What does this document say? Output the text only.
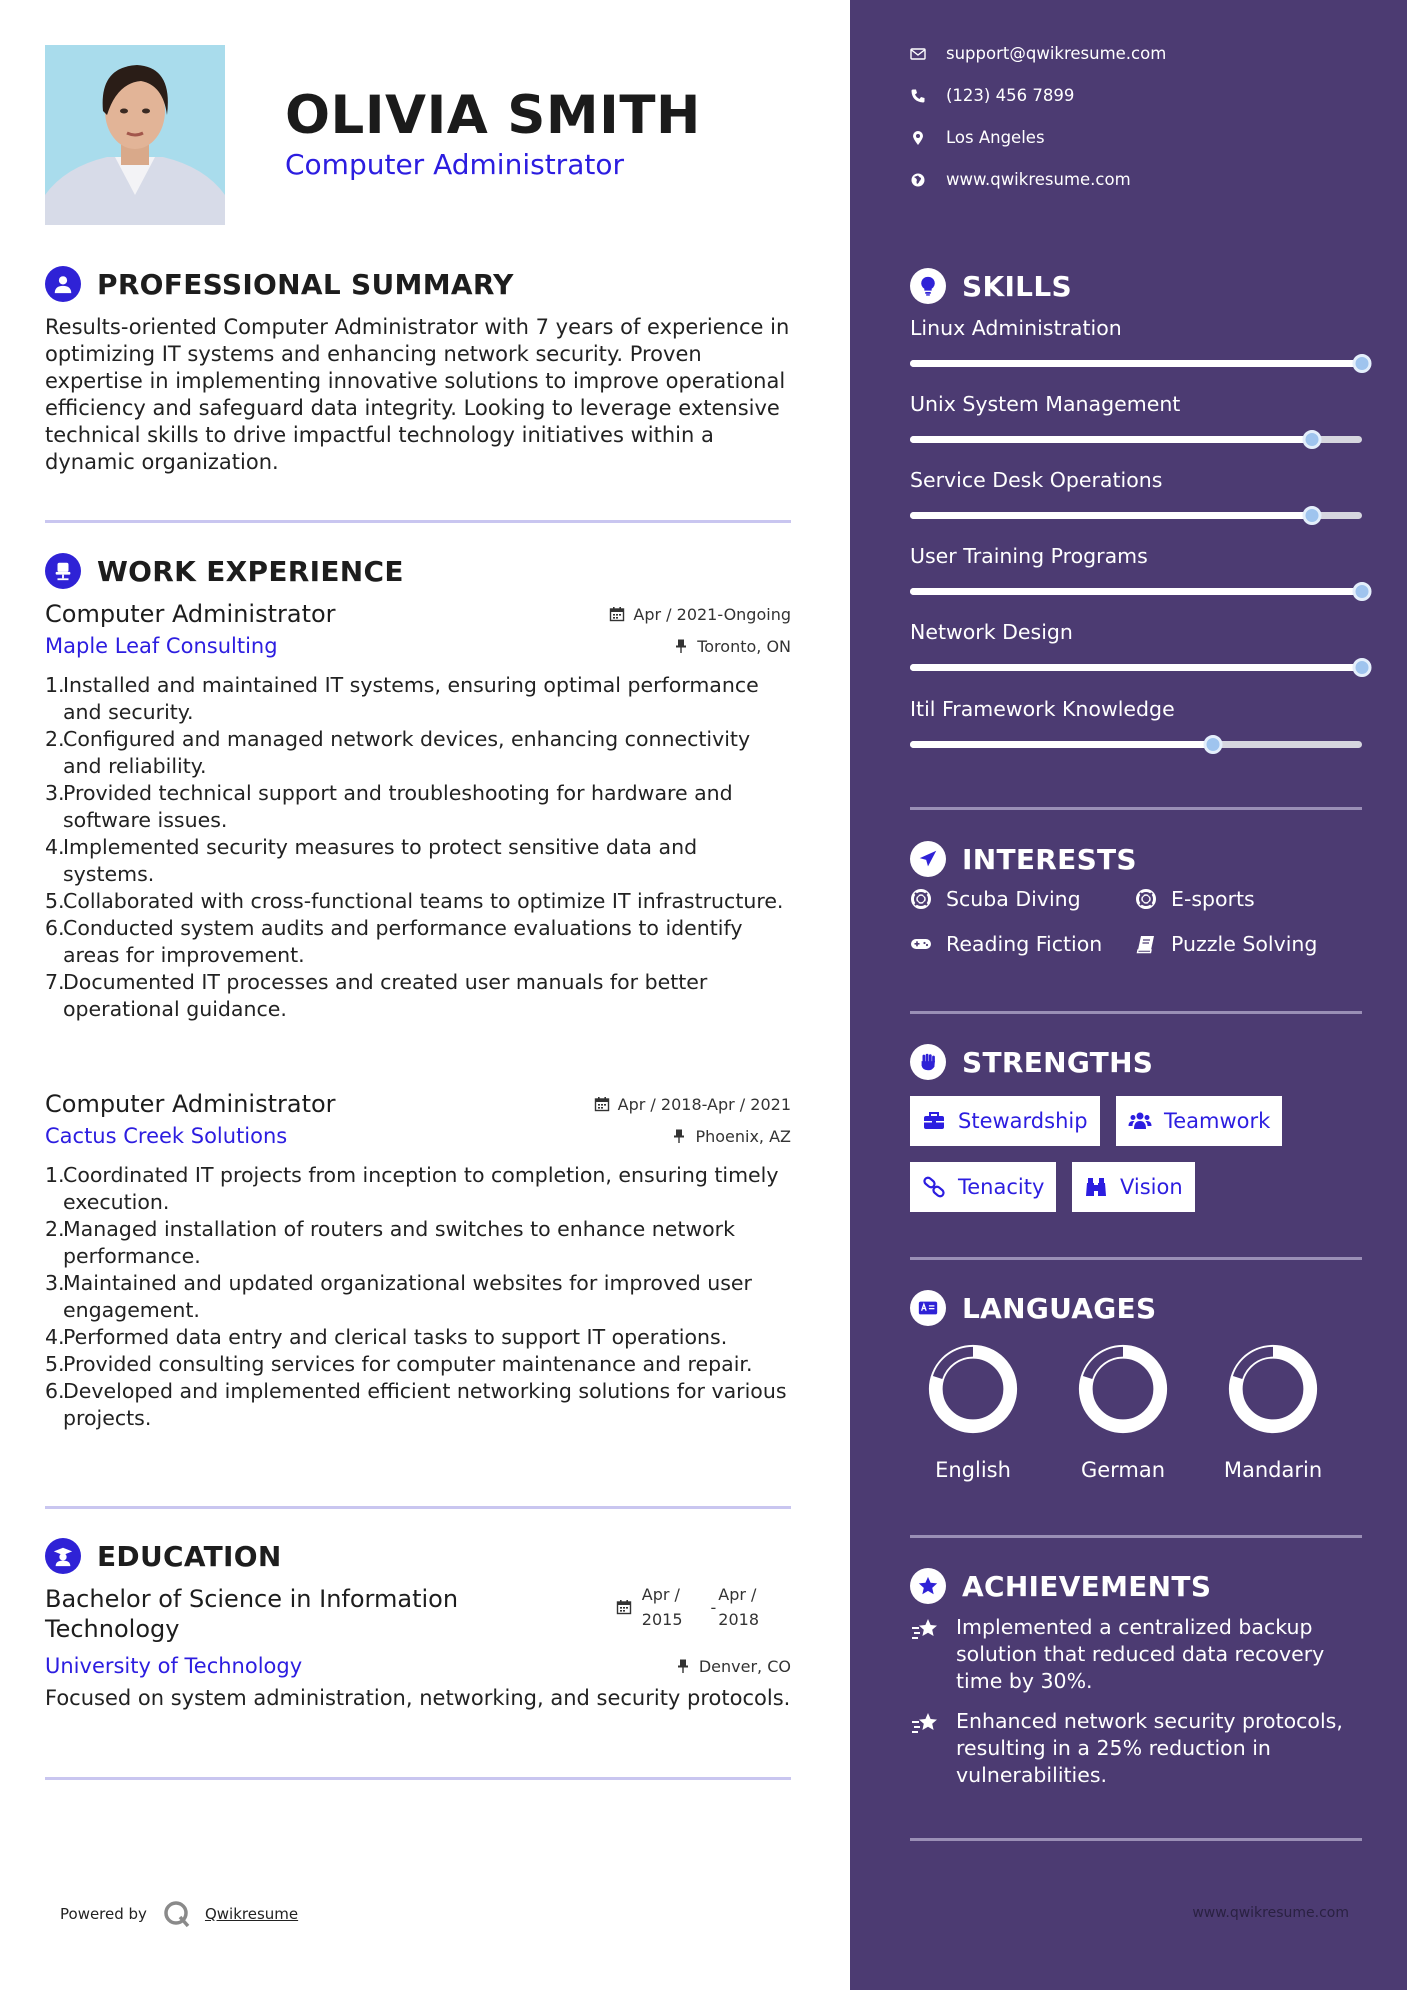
OLIVIA SMITH
Computer Administrator
PROFESSIONAL SUMMARY
Results-oriented Computer Administrator with 7 years of experience in optimizing IT systems and enhancing network security. Proven expertise in implementing innovative solutions to improve operational efficiency and safeguard data integrity. Looking to leverage extensive technical skills to drive impactful technology initiatives within a dynamic organization.
WORK EXPERIENCE
Computer Administrator	Apr / 2021-Ongoing
Maple Leaf Consulting	Toronto, ON
1.
Installed and maintained IT systems, ensuring optimal performance and security.
2.
Configured and managed network devices, enhancing connectivity and reliability.
3.
Provided technical support and troubleshooting for hardware and software issues.
4.
Implemented security measures to protect sensitive data and systems.
5.
Collaborated with cross-functional teams to optimize IT infrastructure.
6.
Conducted system audits and performance evaluations to identify areas for improvement.
7.
Documented IT processes and created user manuals for better operational guidance.
Computer Administrator	Apr / 2018-Apr / 2021
Cactus Creek Solutions	Phoenix, AZ
1.
Coordinated IT projects from inception to completion, ensuring timely execution.
2.
Managed installation of routers and switches to enhance network performance.
3.
Maintained and updated organizational websites for improved user engagement.
4.
Performed data entry and clerical tasks to support IT operations.
5.
Provided consulting services for computer maintenance and repair.
6.
Developed and implemented efficient networking solutions for various projects.
EDUCATION
Bachelor of Science in Information Technology
Apr /
2015
-
Apr /
2018
University of Technology	Denver, CO
Focused on system administration, networking, and security protocols.
Powered by	Qwikresume
support@qwikresume.com
(123) 456 7899
Los Angeles
www.qwikresume.com
SKILLS
Linux Administration
Unix System Management
Service Desk Operations
User Training Programs
Network Design
Itil Framework Knowledge
INTERESTS
Scuba Diving	E-sports
Reading Fiction	Puzzle Solving
STRENGTHS
Stewardship	Teamwork
Tenacity	Vision
LANGUAGES
English	German	Mandarin
ACHIEVEMENTS
Implemented a centralized backup solution that reduced data recovery time by 30%.
Enhanced network security protocols, resulting in a 25% reduction in vulnerabilities.
www.qwikresume.com
